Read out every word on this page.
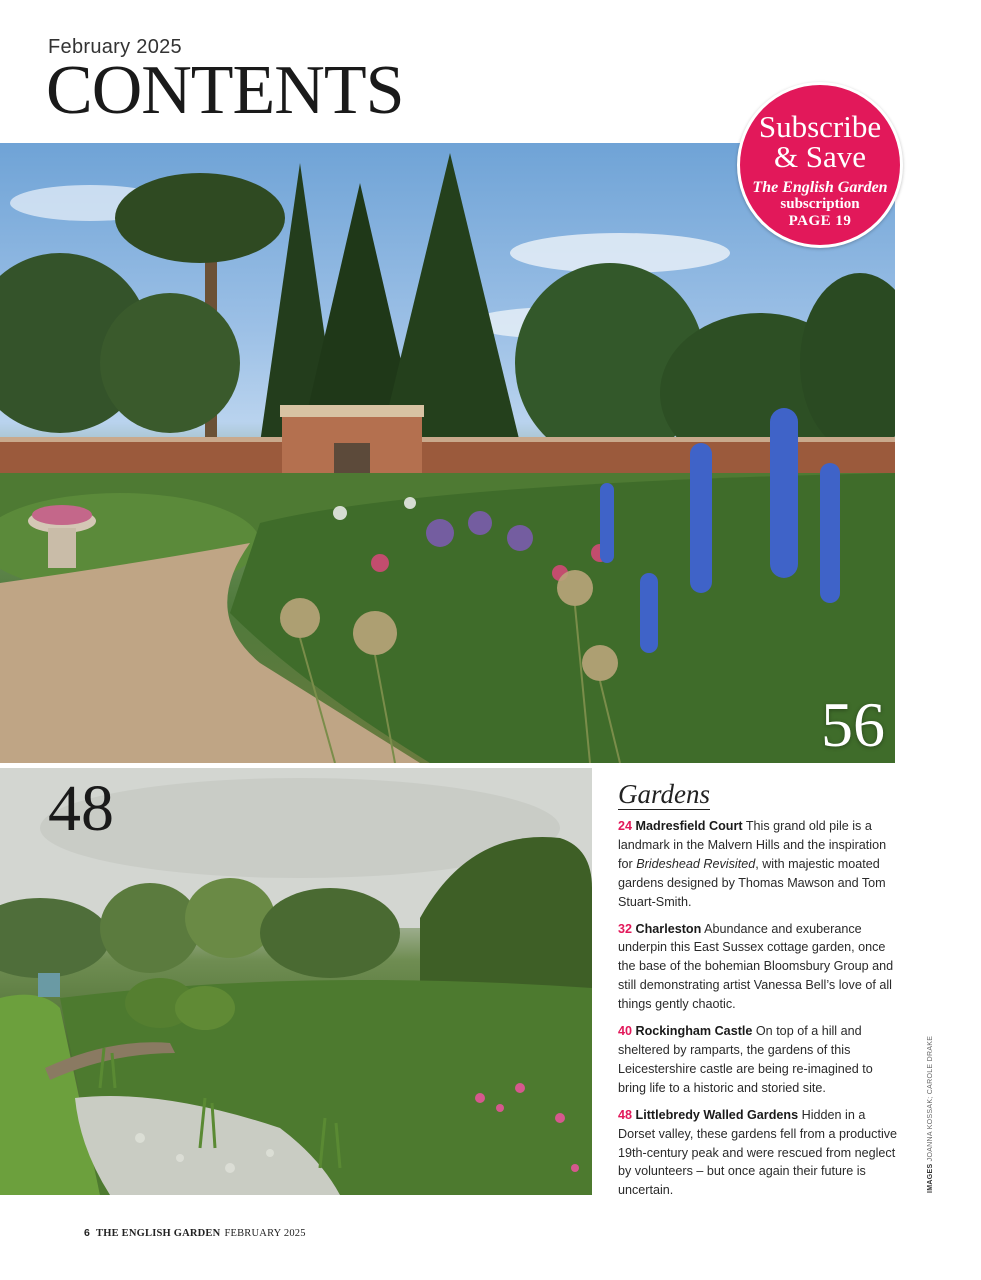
February 2025
CONTENTS
56
Subscribe
& Save
The English Garden
subscription
PAGE 19
48	Gardens

24 Madresfield Court This grand old pile is a landmark in the Malvern Hills and the inspiration for Brideshead Revisited, with majestic moated gardens designed by Thomas Mawson and Tom Stuart-Smith.

32 Charleston Abundance and exuberance underpin this East Sussex cottage garden, once the base of the bohemian Bloomsbury Group and still demonstrating artist Vanessa Bell’s love of all things gently chaotic.

40 Rockingham Castle On top of a hill and sheltered by ramparts, the gardens of this Leicestershire castle are being re-imagined to bring life to a historic and storied site.

48 Littlebredy Walled Gardens Hidden in a Dorset valley, these gardens fell from a productive 19th-century peak and were rescued from neglect by volunteers – but once again their future is uncertain.	IMAGES JOANNA KOSSAK; CAROLE DRAKE
6 THE ENGLISH GARDEN FEBRUARY 2025
